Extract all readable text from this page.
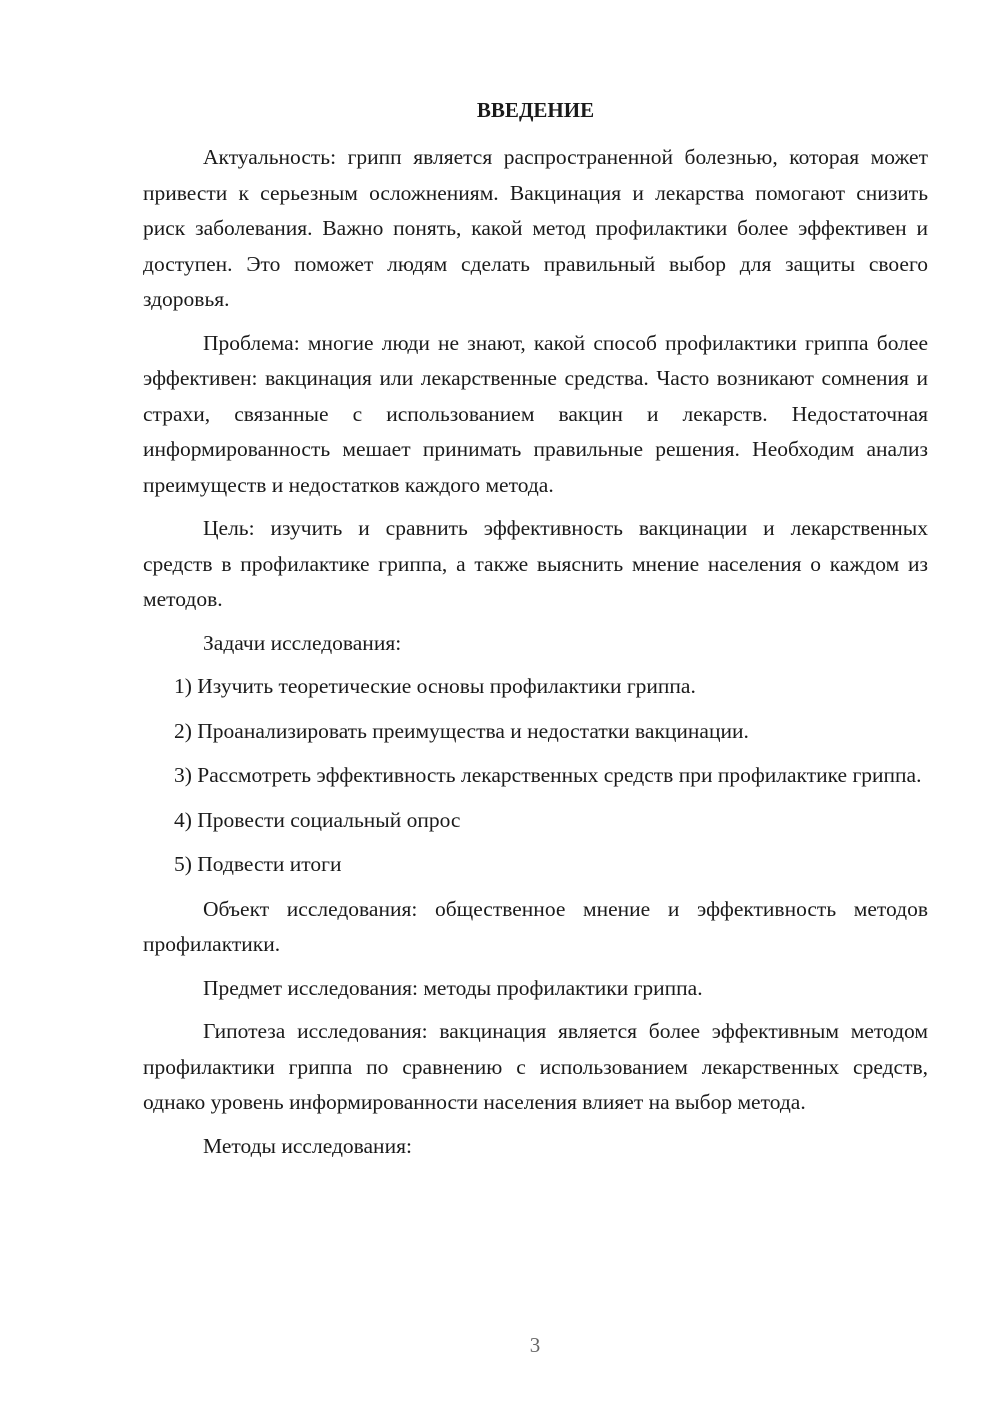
ВВЕДЕНИЕ

Актуальность: грипп является распространенной болезнью, которая может привести к серьезным осложнениям. Вакцинация и лекарства помогают снизить риск заболевания. Важно понять, какой метод профилактики более эффективен и доступен. Это поможет людям сделать правильный выбор для защиты своего здоровья.

Проблема: многие люди не знают, какой способ профилактики гриппа более эффективен: вакцинация или лекарственные средства. Часто возникают сомнения и страхи, связанные с использованием вакцин и лекарств. Недостаточная информированность мешает принимать правильные решения. Необходим анализ преимуществ и недостатков каждого метода.

Цель: изучить и сравнить эффективность вакцинации и лекарственных средств в профилактике гриппа, а также выяснить мнение населения о каждом из методов.

Задачи исследования:

1) Изучить теоретические основы профилактики гриппа.

2) Проанализировать преимущества и недостатки вакцинации.

3) Рассмотреть эффективность лекарственных средств при профилактике гриппа.

4) Провести социальный опрос

5) Подвести итоги

Объект исследования: общественное мнение и эффективность методов профилактики.

Предмет исследования: методы профилактики гриппа.

Гипотеза исследования: вакцинация является более эффективным методом профилактики гриппа по сравнению с использованием лекарственных средств, однако уровень информированности населения влияет на выбор метода.

Методы исследования:

3
